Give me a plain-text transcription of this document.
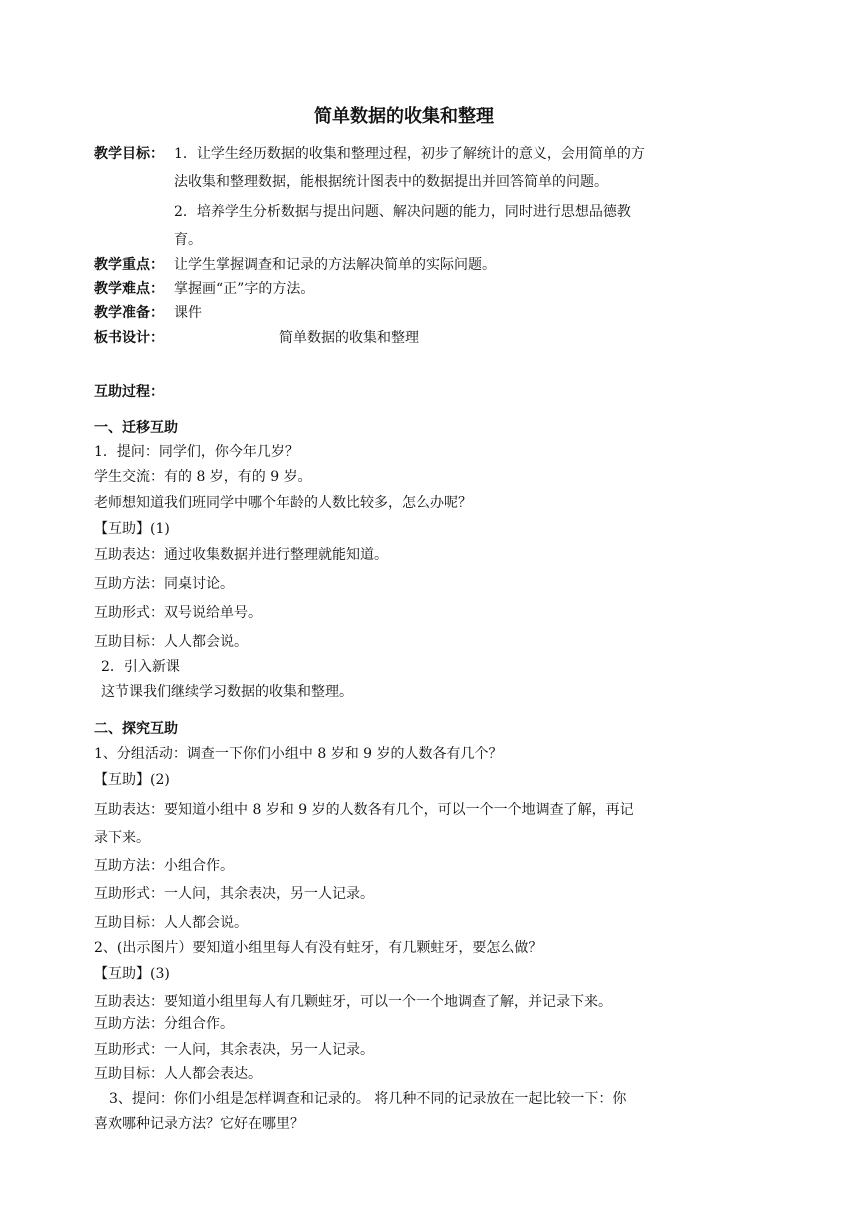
简单数据的收集和整理
教学目标： 1．让学生经历数据的收集和整理过程，初步了解统计的意义，会用简单的方
法收集和整理数据，能根据统计图表中的数据提出并回答简单的问题。
2．培养学生分析数据与提出问题、解决问题的能力，同时进行思想品德教
育。
教学重点： 让学生掌握调查和记录的方法解决简单的实际问题。
教学难点： 掌握画“正”字的方法。
教学准备： 课件
板书设计：	简单数据的收集和整理
互助过程：
一、迁移互助
1．提问：同学们，你今年几岁？
学生交流：有的 8 岁，有的 9 岁。
老师想知道我们班同学中哪个年龄的人数比较多，怎么办呢？
【互助】(1)
互助表达：通过收集数据并进行整理就能知道。
互助方法：同桌讨论。
互助形式：双号说给单号。
互助目标：人人都会说。
2．引入新课
这节课我们继续学习数据的收集和整理。
二、探究互助
1、分组活动：调查一下你们小组中 8 岁和 9 岁的人数各有几个？
【互助】(2)
互助表达：要知道小组中 8 岁和 9 岁的人数各有几个，可以一个一个地调查了解，再记
录下来。
互助方法：小组合作。
互助形式：一人问，其余表决，另一人记录。
互助目标：人人都会说。
2、(出示图片）要知道小组里每人有没有蛀牙，有几颗蛀牙，要怎么做？
【互助】(3)
互助表达：要知道小组里每人有几颗蛀牙，可以一个一个地调查了解，并记录下来。
互助方法：分组合作。
互助形式：一人问，其余表决，另一人记录。
互助目标：人人都会表达。
3、提问：你们小组是怎样调查和记录的。 将几种不同的记录放在一起比较一下：你
喜欢哪种记录方法？它好在哪里？
